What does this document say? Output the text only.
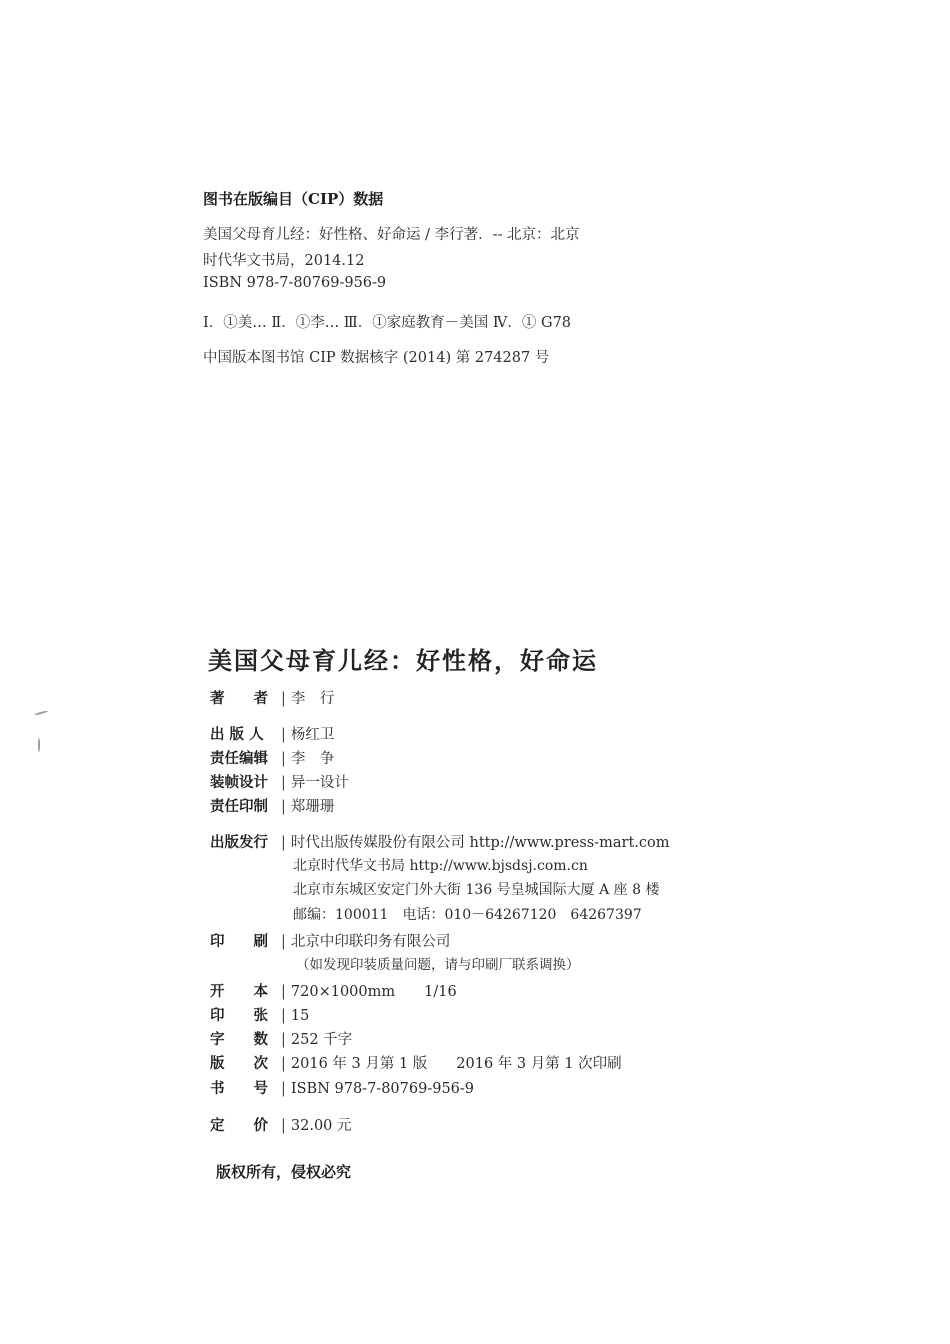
图书在版编目（CIP）数据
美国父母育儿经：好性格、好命运 / 李行著．-- 北京：北京
时代华文书局，2014.12
ISBN 978-7-80769-956-9
Ⅰ．①美… Ⅱ．①李… Ⅲ．①家庭教育－美国 Ⅳ．① G78
中国版本图书馆 CIP 数据核字 (2014) 第 274287 号
美国父母育儿经：好性格，好命运
著　　者 | 李　行
出 版 人	| 杨红卫
责任编辑 | 李　争
装帧设计 | 异一设计
责任印制 | 郑珊珊
出版发行 | 时代出版传媒股份有限公司 http://www.press-mart.com
北京时代华文书局 http://www.bjsdsj.com.cn
北京市东城区安定门外大街 136 号皇城国际大厦 A 座 8 楼
邮编：100011　电话：010－64267120　64267397
印　　刷 | 北京中印联印务有限公司
（如发现印装质量问题，请与印刷厂联系调换）
开　　本 | 720×1000mm　　1/16
印　　张 | 15
字　　数 | 252 千字
版　　次 | 2016 年 3 月第 1 版　　2016 年 3 月第 1 次印刷
书　　号 | ISBN 978-7-80769-956-9
定　　价 | 32.00 元
版权所有，侵权必究
